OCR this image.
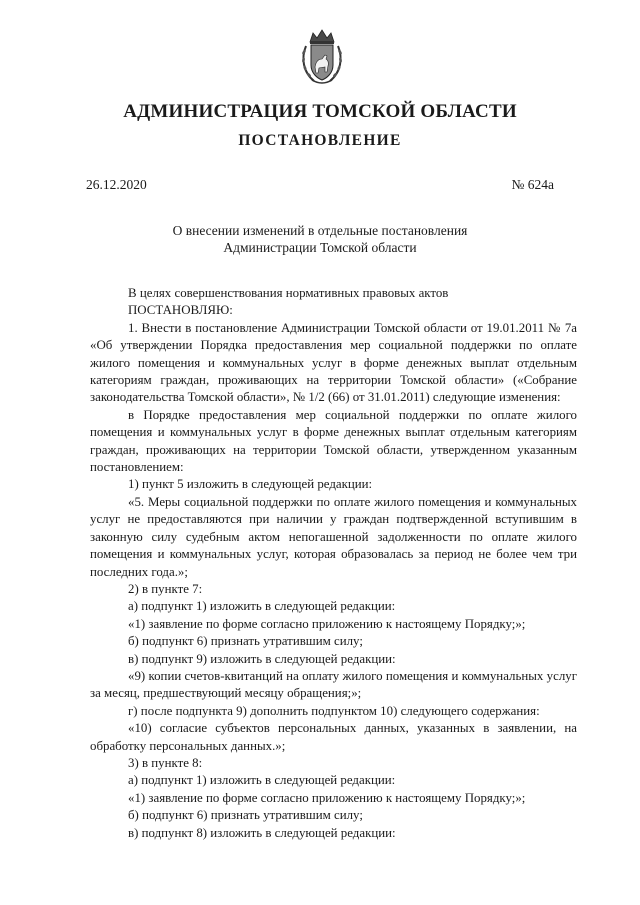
АДМИНИСТРАЦИЯ ТОМСКОЙ ОБЛАСТИ
ПОСТАНОВЛЕНИЕ
26.12.2020	№ 624а
О внесении изменений в отдельные постановления
Администрации Томской области

В целях совершенствования нормативных правовых актов

ПОСТАНОВЛЯЮ:

1. Внести в постановление Администрации Томской области от 19.01.2011 № 7а «Об утверждении Порядка предоставления мер социальной поддержки по оплате жилого помещения и коммунальных услуг в форме денежных выплат отдельным категориям граждан, проживающих на территории Томской области» («Собрание законодательства Томской области», № 1/2 (66) от 31.01.2011) следующие изменения:

в Порядке предоставления мер социальной поддержки по оплате жилого помещения и коммунальных услуг в форме денежных выплат отдельным категориям граждан, проживающих на территории Томской области, утвержденном указанным постановлением:

1) пункт 5 изложить в следующей редакции:

«5. Меры социальной поддержки по оплате жилого помещения и коммунальных услуг не предоставляются при наличии у граждан подтвержденной вступившим в законную силу судебным актом непогашенной задолженности по оплате жилого помещения и коммунальных услуг, которая образовалась за период не более чем три последних года.»;

2) в пункте 7:

а) подпункт 1) изложить в следующей редакции:

«1) заявление по форме согласно приложению к настоящему Порядку;»;

б) подпункт 6) признать утратившим силу;

в) подпункт 9) изложить в следующей редакции:

«9) копии счетов-квитанций на оплату жилого помещения и коммунальных услуг за месяц, предшествующий месяцу обращения;»;

г) после подпункта 9) дополнить подпунктом 10) следующего содержания:

«10) согласие субъектов персональных данных, указанных в заявлении, на обработку персональных данных.»;

3) в пункте 8:

а) подпункт 1) изложить в следующей редакции:

«1) заявление по форме согласно приложению к настоящему Порядку;»;

б) подпункт 6) признать утратившим силу;

в) подпункт 8) изложить в следующей редакции:
